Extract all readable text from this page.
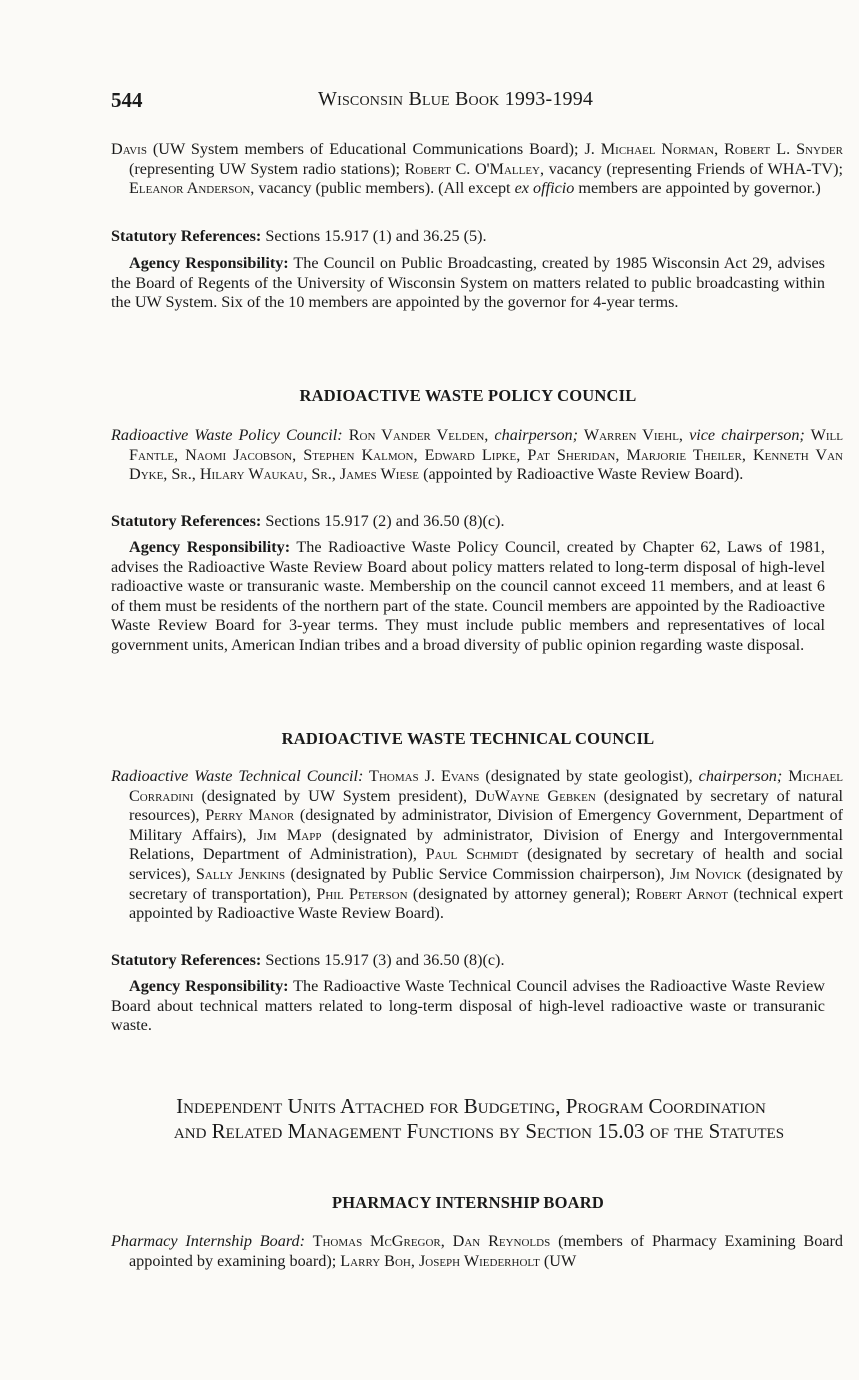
544	Wisconsin Blue Book 1993-1994
Davis (UW System members of Educational Communications Board); J. Michael Norman, Robert L. Snyder (representing UW System radio stations); Robert C. O'Malley, vacancy (representing Friends of WHA-TV); Eleanor Anderson, vacancy (public members). (All except ex officio members are appointed by governor.)
Statutory References: Sections 15.917 (1) and 36.25 (5).
Agency Responsibility: The Council on Public Broadcasting, created by 1985 Wisconsin Act 29, advises the Board of Regents of the University of Wisconsin System on matters related to public broadcasting within the UW System. Six of the 10 members are appointed by the governor for 4-year terms.
RADIOACTIVE WASTE POLICY COUNCIL
Radioactive Waste Policy Council: Ron Vander Velden, chairperson; Warren Viehl, vice chairperson; Will Fantle, Naomi Jacobson, Stephen Kalmon, Edward Lipke, Pat Sheridan, Marjorie Theiler, Kenneth Van Dyke, Sr., Hilary Waukau, Sr., James Wiese (appointed by Radioactive Waste Review Board).
Statutory References: Sections 15.917 (2) and 36.50 (8)(c).
Agency Responsibility: The Radioactive Waste Policy Council, created by Chapter 62, Laws of 1981, advises the Radioactive Waste Review Board about policy matters related to long-term disposal of high-level radioactive waste or transuranic waste. Membership on the council cannot exceed 11 members, and at least 6 of them must be residents of the northern part of the state. Council members are appointed by the Radioactive Waste Review Board for 3-year terms. They must include public members and representatives of local government units, American Indian tribes and a broad diversity of public opinion regarding waste disposal.
RADIOACTIVE WASTE TECHNICAL COUNCIL
Radioactive Waste Technical Council: Thomas J. Evans (designated by state geologist), chairperson; Michael Corradini (designated by UW System president), DuWayne Gebken (designated by secretary of natural resources), Perry Manor (designated by administrator, Division of Emergency Government, Department of Military Affairs), Jim Mapp (designated by administrator, Division of Energy and Intergovernmental Relations, Department of Administration), Paul Schmidt (designated by secretary of health and social services), Sally Jenkins (designated by Public Service Commission chairperson), Jim Novick (designated by secretary of transportation), Phil Peterson (designated by attorney general); Robert Arnot (technical expert appointed by Radioactive Waste Review Board).
Statutory References: Sections 15.917 (3) and 36.50 (8)(c).
Agency Responsibility: The Radioactive Waste Technical Council advises the Radioactive Waste Review Board about technical matters related to long-term disposal of high-level radioactive waste or transuranic waste.
Independent Units Attached for Budgeting, Program Coordination
and Related Management Functions by Section 15.03 of the Statutes
PHARMACY INTERNSHIP BOARD
Pharmacy Internship Board: Thomas McGregor, Dan Reynolds (members of Pharmacy Examining Board appointed by examining board); Larry Boh, Joseph Wiederholt (UW
